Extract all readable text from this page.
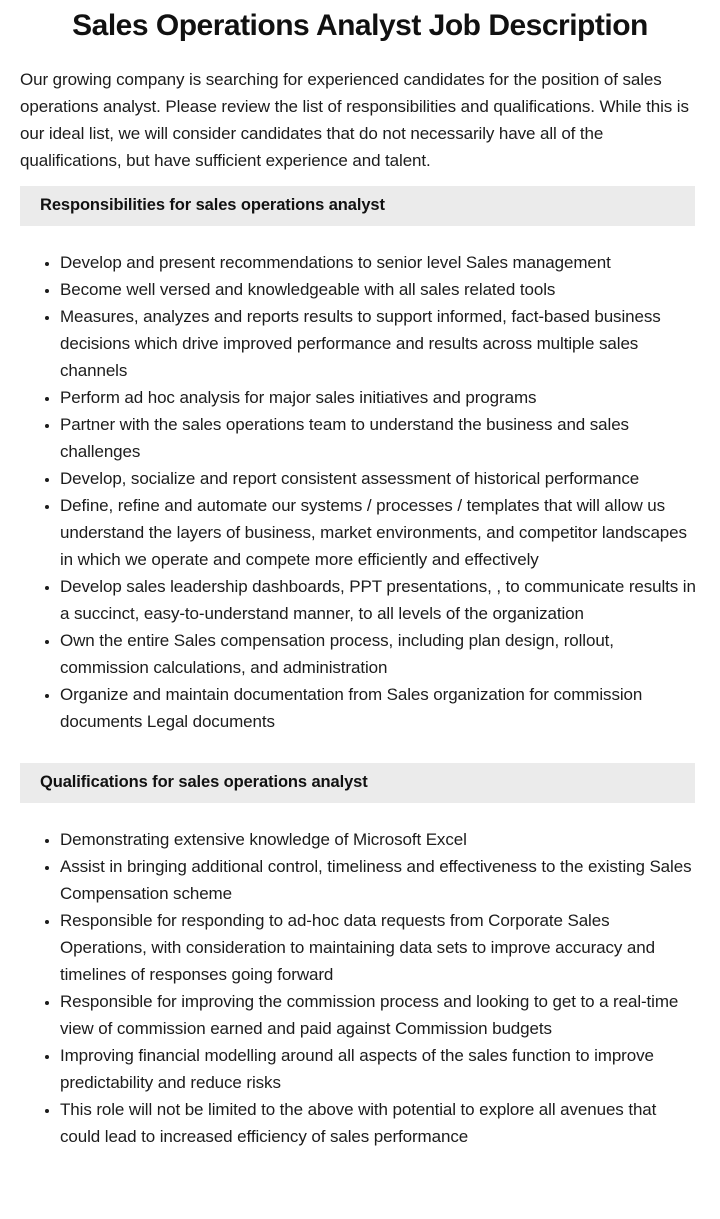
Sales Operations Analyst Job Description

Our growing company is searching for experienced candidates for the position of sales operations analyst. Please review the list of responsibilities and qualifications. While this is our ideal list, we will consider candidates that do not necessarily have all of the qualifications, but have sufficient experience and talent.

Responsibilities for sales operations analyst
• Develop and present recommendations to senior level Sales management
• Become well versed and knowledgeable with all sales related tools
• Measures, analyzes and reports results to support informed, fact-based business decisions which drive improved performance and results across multiple sales channels
• Perform ad hoc analysis for major sales initiatives and programs
• Partner with the sales operations team to understand the business and sales challenges
• Develop, socialize and report consistent assessment of historical performance
• Define, refine and automate our systems / processes / templates that will allow us understand the layers of business, market environments, and competitor landscapes in which we operate and compete more efficiently and effectively
• Develop sales leadership dashboards, PPT presentations, , to communicate results in a succinct, easy-to-understand manner, to all levels of the organization
• Own the entire Sales compensation process, including plan design, rollout, commission calculations, and administration
• Organize and maintain documentation from Sales organization for commission documents Legal documents
Qualifications for sales operations analyst
• Demonstrating extensive knowledge of Microsoft Excel
• Assist in bringing additional control, timeliness and effectiveness to the existing Sales Compensation scheme
• Responsible for responding to ad-hoc data requests from Corporate Sales Operations, with consideration to maintaining data sets to improve accuracy and timelines of responses going forward
• Responsible for improving the commission process and looking to get to a real-time view of commission earned and paid against Commission budgets
• Improving financial modelling around all aspects of the sales function to improve predictability and reduce risks
• This role will not be limited to the above with potential to explore all avenues that could lead to increased efficiency of sales performance
